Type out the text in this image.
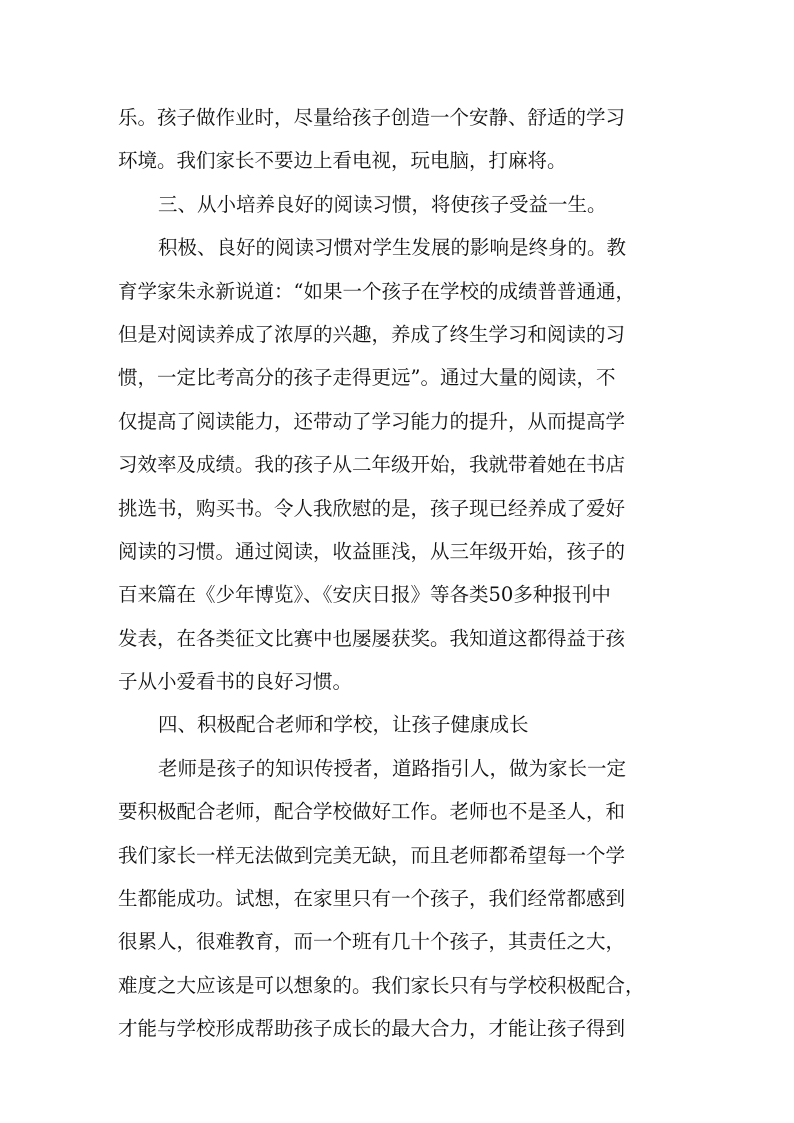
乐。孩子做作业时，尽量给孩子创造一个安静、舒适的学习
环境。我们家长不要边上看电视，玩电脑，打麻将。
三、从小培养良好的阅读习惯，将使孩子受益一生。
积极、良好的阅读习惯对学生发展的影响是终身的。教
育学家朱永新说道：“如果一个孩子在学校的成绩普普通通，
但是对阅读养成了浓厚的兴趣，养成了终生学习和阅读的习
惯，一定比考高分的孩子走得更远”。通过大量的阅读，不
仅提高了阅读能力，还带动了学习能力的提升，从而提高学
习效率及成绩。我的孩子从二年级开始，我就带着她在书店
挑选书，购买书。令人我欣慰的是，孩子现已经养成了爱好
阅读的习惯。通过阅读，收益匪浅，从三年级开始，孩子的
百来篇在《少年博览》、《安庆日报》等各类50多种报刊中
发表，在各类征文比赛中也屡屡获奖。我知道这都得益于孩
子从小爱看书的良好习惯。
四、积极配合老师和学校，让孩子健康成长
老师是孩子的知识传授者，道路指引人，做为家长一定
要积极配合老师，配合学校做好工作。老师也不是圣人，和
我们家长一样无法做到完美无缺，而且老师都希望每一个学
生都能成功。试想，在家里只有一个孩子，我们经常都感到
很累人，很难教育，而一个班有几十个孩子，其责任之大，
难度之大应该是可以想象的。我们家长只有与学校积极配合，
才能与学校形成帮助孩子成长的最大合力，才能让孩子得到
